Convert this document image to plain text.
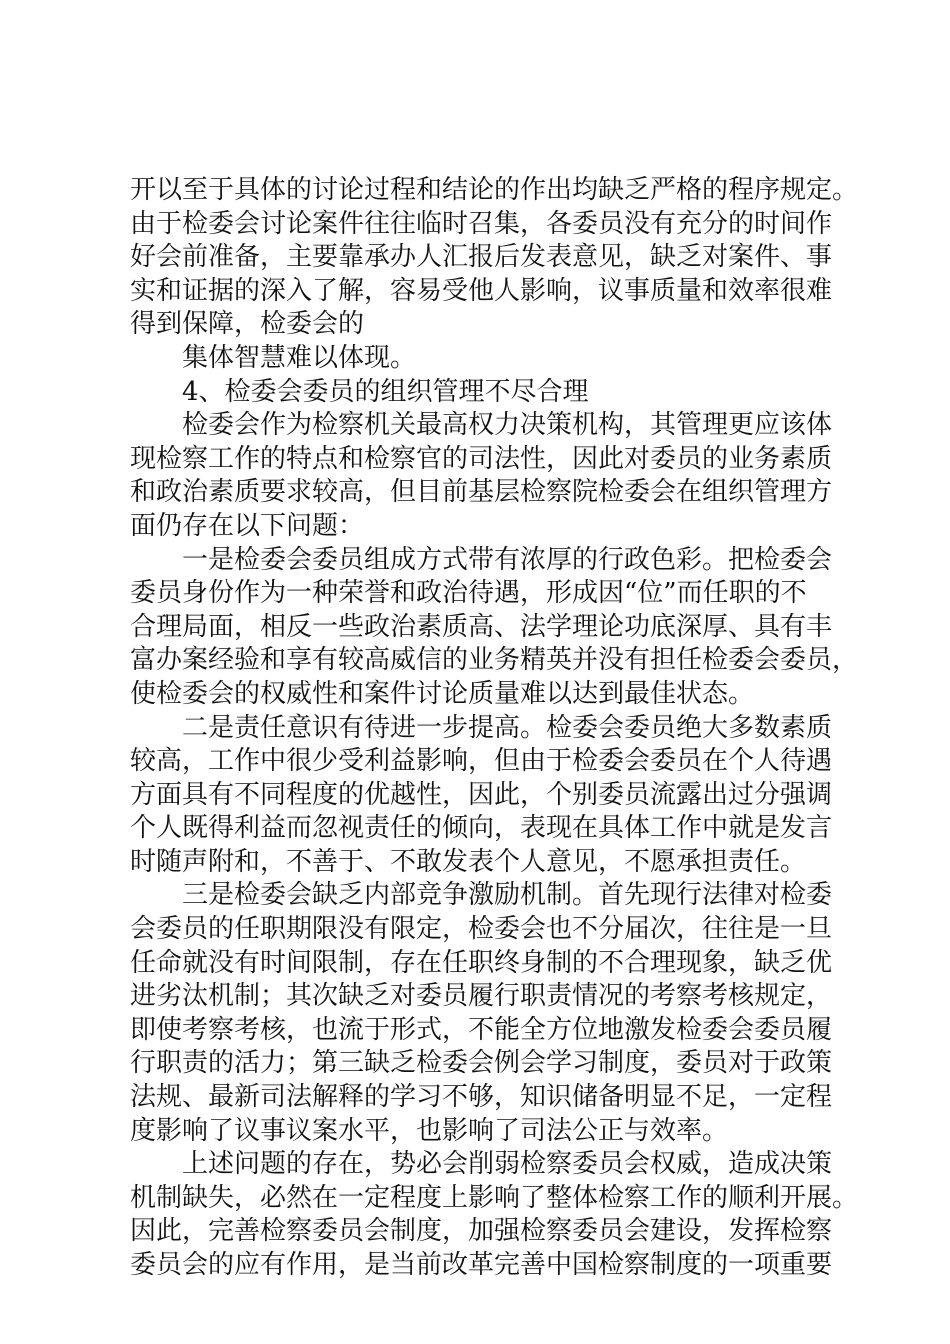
开以至于具体的讨论过程和结论的作出均缺乏严格的程序规定。
由于检委会讨论案件往往临时召集，各委员没有充分的时间作
好会前准备，主要靠承办人汇报后发表意见，缺乏对案件、事
实和证据的深入了解，容易受他人影响，议事质量和效率很难
得到保障，检委会的
集体智慧难以体现。
4、检委会委员的组织管理不尽合理
检委会作为检察机关最高权力决策机构，其管理更应该体
现检察工作的特点和检察官的司法性，因此对委员的业务素质
和政治素质要求较高，但目前基层检察院检委会在组织管理方
面仍存在以下问题：
一是检委会委员组成方式带有浓厚的行政色彩。把检委会
委员身份作为一种荣誉和政治待遇，形成因“位”而任职的不
合理局面，相反一些政治素质高、法学理论功底深厚、具有丰
富办案经验和享有较高威信的业务精英并没有担任检委会委员，
使检委会的权威性和案件讨论质量难以达到最佳状态。
二是责任意识有待进一步提高。检委会委员绝大多数素质
较高，工作中很少受利益影响，但由于检委会委员在个人待遇
方面具有不同程度的优越性，因此，个别委员流露出过分强调
个人既得利益而忽视责任的倾向，表现在具体工作中就是发言
时随声附和，不善于、不敢发表个人意见，不愿承担责任。
三是检委会缺乏内部竞争激励机制。首先现行法律对检委
会委员的任职期限没有限定，检委会也不分届次，往往是一旦
任命就没有时间限制，存在任职终身制的不合理现象，缺乏优
进劣汰机制；其次缺乏对委员履行职责情况的考察考核规定，
即使考察考核，也流于形式，不能全方位地激发检委会委员履
行职责的活力；第三缺乏检委会例会学习制度，委员对于政策
法规、最新司法解释的学习不够，知识储备明显不足，一定程
度影响了议事议案水平，也影响了司法公正与效率。
上述问题的存在，势必会削弱检察委员会权威，造成决策
机制缺失，必然在一定程度上影响了整体检察工作的顺利开展。
因此，完善检察委员会制度，加强检察委员会建设，发挥检察
委员会的应有作用，是当前改革完善中国检察制度的一项重要
